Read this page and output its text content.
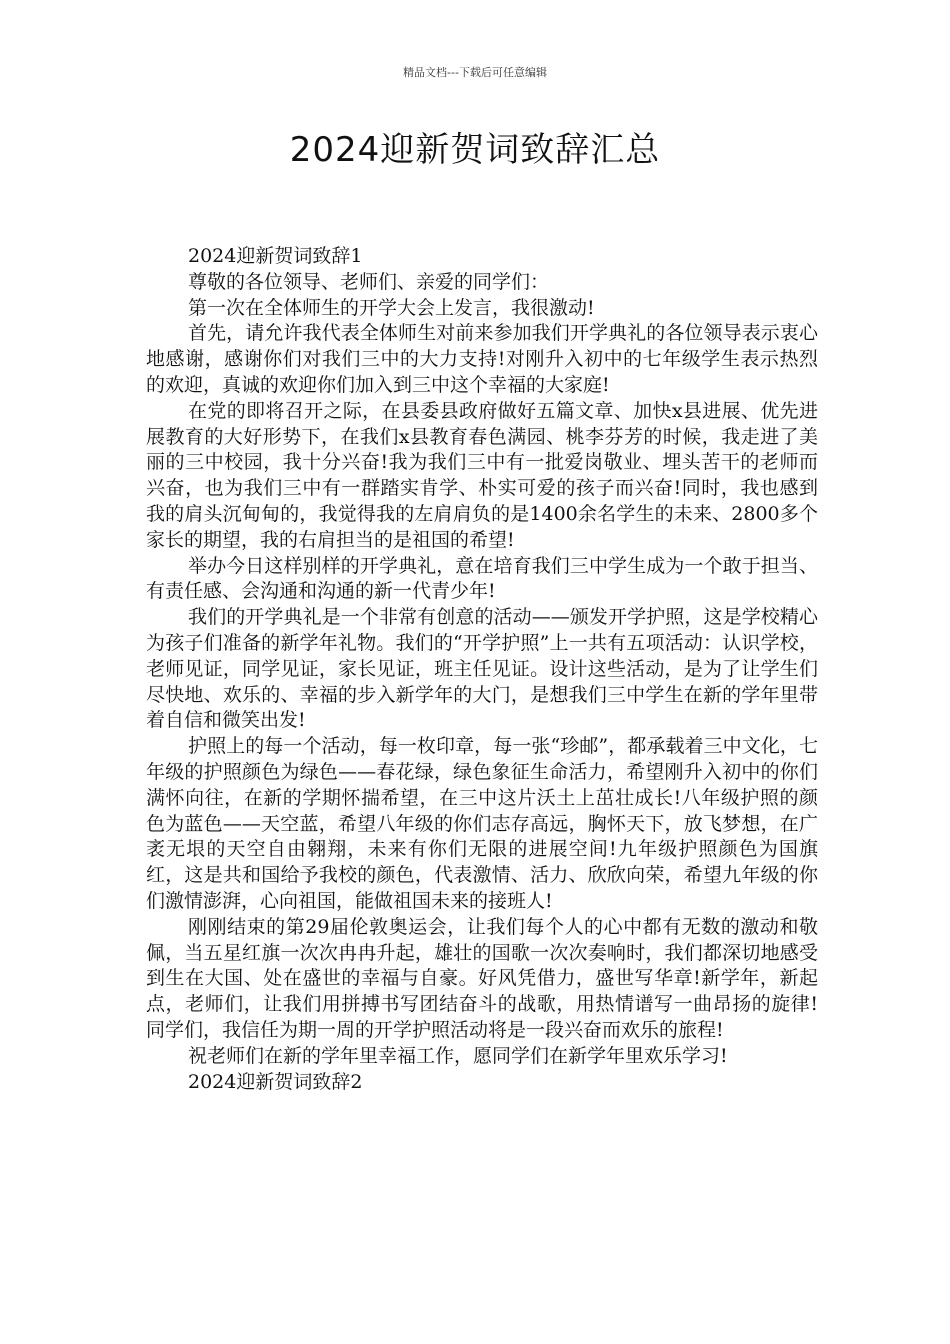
精品文档---下载后可任意编辑
2024迎新贺词致辞汇总

2024迎新贺词致辞1

尊敬的各位领导、老师们、亲爱的同学们：

第一次在全体师生的开学大会上发言，我很激动!

首先，请允许我代表全体师生对前来参加我们开学典礼的各位领导表示衷心地感谢，感谢你们对我们三中的大力支持!对刚升入初中的七年级学生表示热烈的欢迎，真诚的欢迎你们加入到三中这个幸福的大家庭!

在党的即将召开之际，在县委县政府做好五篇文章、加快x县进展、优先进展教育的大好形势下，在我们x县教育春色满园、桃李芬芳的时候，我走进了美丽的三中校园，我十分兴奋!我为我们三中有一批爱岗敬业、埋头苦干的老师而兴奋，也为我们三中有一群踏实肯学、朴实可爱的孩子而兴奋!同时，我也感到我的肩头沉甸甸的，我觉得我的左肩肩负的是1400余名学生的未来、2800多个家长的期望，我的右肩担当的是祖国的希望!

举办今日这样别样的开学典礼，意在培育我们三中学生成为一个敢于担当、有责任感、会沟通和沟通的新一代青少年!

我们的开学典礼是一个非常有创意的活动——颁发开学护照，这是学校精心为孩子们准备的新学年礼物。我们的“开学护照”上一共有五项活动：认识学校，老师见证，同学见证，家长见证，班主任见证。设计这些活动，是为了让学生们尽快地、欢乐的、幸福的步入新学年的大门，是想我们三中学生在新的学年里带着自信和微笑出发!

护照上的每一个活动，每一枚印章，每一张“珍邮”，都承载着三中文化，七年级的护照颜色为绿色——春花绿，绿色象征生命活力，希望刚升入初中的你们满怀向往，在新的学期怀揣希望，在三中这片沃土上茁壮成长!八年级护照的颜色为蓝色——天空蓝，希望八年级的你们志存高远，胸怀天下，放飞梦想，在广袤无垠的天空自由翱翔，未来有你们无限的进展空间!九年级护照颜色为国旗红，这是共和国给予我校的颜色，代表激情、活力、欣欣向荣，希望九年级的你们激情澎湃，心向祖国，能做祖国未来的接班人!

刚刚结束的第29届伦敦奥运会，让我们每个人的心中都有无数的激动和敬佩，当五星红旗一次次冉冉升起，雄壮的国歌一次次奏响时，我们都深切地感受到生在大国、处在盛世的幸福与自豪。好风凭借力，盛世写华章!新学年，新起点，老师们，让我们用拼搏书写团结奋斗的战歌，用热情谱写一曲昂扬的旋律!同学们，我信任为期一周的开学护照活动将是一段兴奋而欢乐的旅程!

祝老师们在新的学年里幸福工作，愿同学们在新学年里欢乐学习!

2024迎新贺词致辞2
